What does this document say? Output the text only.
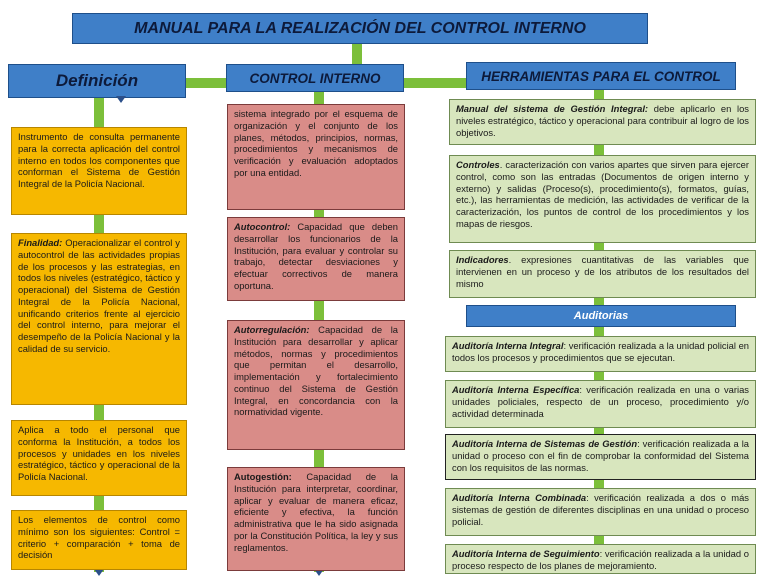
MANUAL PARA LA REALIZACIÓN DEL CONTROL INTERNO
Definición	CONTROL INTERNO	HERRAMIENTAS PARA EL CONTROL
Auditorias
Instrumento de consulta permanente para la correcta aplicación del control interno en todos los componentes que conforman el Sistema de Gestión Integral de la Policía Nacional.
Finalidad: Operacionalizar el control y autocontrol de las actividades propias de los procesos y las estrategias, en todos los niveles (estratégico, táctico y operacional) del Sistema de Gestión Integral de la Policía Nacional, unificando criterios frente al ejercicio del control interno, para mejorar el desempeño de la Policía Nacional y la calidad de su servicio.
Aplica a todo el personal que conforma la Institución, a todos los procesos y unidades en los niveles estratégico, táctico y operacional de la Policía Nacional.
Los elementos de control como mínimo son los siguientes: Control = criterio + comparación + toma de decisión
sistema integrado por el esquema de organización y el conjunto de los planes, métodos, principios, normas, procedimientos y mecanismos de verificación y evaluación adoptados por una entidad.
Autocontrol: Capacidad que deben desarrollar los funcionarios de la Institución, para evaluar y controlar su trabajo, detectar desviaciones y efectuar correctivos de manera oportuna.
Autorregulación: Capacidad de la Institución para desarrollar y aplicar métodos, normas y procedimientos que permitan el desarrollo, implementación y fortalecimiento continuo del Sistema de Gestión Integral, en concordancia con la normatividad vigente.
Autogestión: Capacidad de la Institución para interpretar, coordinar, aplicar y evaluar de manera eficaz, eficiente y efectiva, la función administrativa que le ha sido asignada por la Constitución Política, la ley y sus reglamentos.
Manual del sistema de Gestión Integral: debe aplicarlo en los niveles estratégico, táctico y operacional para contribuir al logro de los objetivos.
Controles. caracterización con varios apartes que sirven para ejercer control, como son las entradas (Documentos de origen interno y externo) y salidas (Proceso(s), procedimiento(s), formatos, guías, etc.), las herramientas de medición, las actividades de verificar de la caracterización, los puntos de control de los procedimientos y los mapas de riesgos.
Indicadores. expresiones cuantitativas de las variables que intervienen en un proceso y de los atributos de los resultados del mismo
Auditoría Interna Integral: verificación realizada a la unidad policial en todos los procesos y procedimientos que se ejecutan.
Auditoría Interna Específica: verificación realizada en una o varias unidades policiales, respecto de un proceso, procedimiento y/o actividad determinada
Auditoría Interna de Sistemas de Gestión: verificación realizada a la unidad o proceso con el fin de comprobar la conformidad del Sistema con los requisitos de las normas.
Auditoría Interna Combinada: verificación realizada a dos o más sistemas de gestión de diferentes disciplinas en una unidad o proceso policial.
Auditoría Interna de Seguimiento: verificación realizada a la unidad o proceso respecto de los planes de mejoramiento.
